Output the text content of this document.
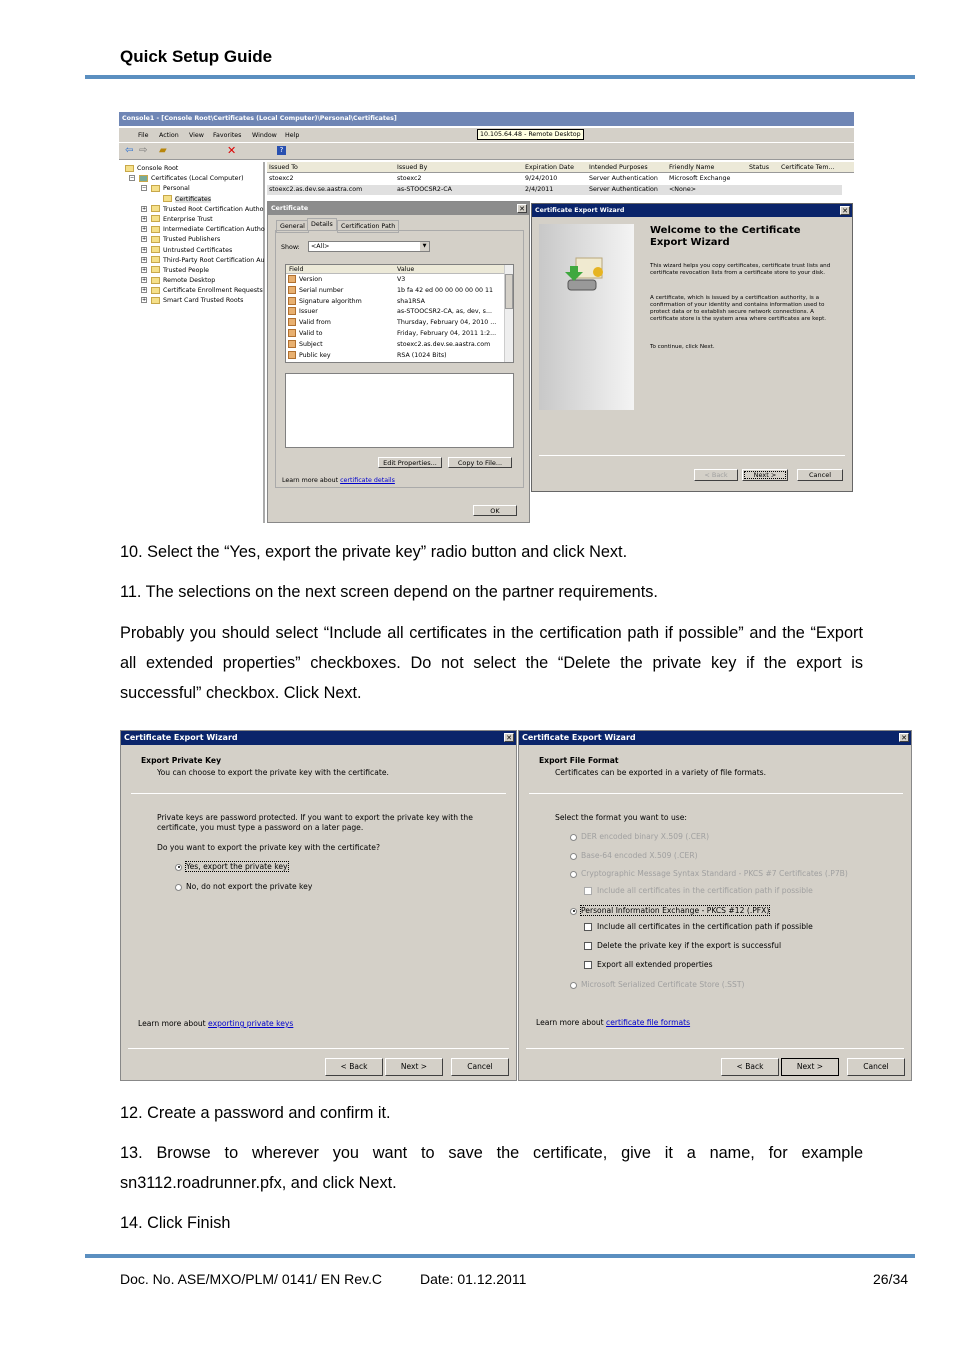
Quick Setup Guide
Console1 - [Console Root\Certificates (Local Computer)\Personal\Certificates]
File Action View Favorites Window Help	10.105.64.48 - Remote Desktop
⇦ ⇨ ▰	✕	?
Console Root
−	Certificates (Local Computer)
−	Personal
Certificates
+	Trusted Root Certification Autho
+	Enterprise Trust
+	Intermediate Certification Autho
+	Trusted Publishers
+	Untrusted Certificates
+	Third-Party Root Certification Au
+	Trusted People
+	Remote Desktop
+	Certificate Enrollment Requests
+	Smart Card Trusted Roots
Issued To	Issued By	Expiration Date Intended Purposes	Friendly Name	Status Certificate Tem...
stoexc2	stoexc2	9/24/2010	Server Authentication Microsoft Exchange
stoexc2.as.dev.se.aastra.com	as-STOOCSR2-CA	2/4/2011	Server Authentication <None>
Certificate	✕
General Details	Certification Path
Show: <All>	▼
Field	Value
Version	V3
Serial number	1b fa 42 ed 00 00 00 00 00 11
Signature algorithm	sha1RSA
Issuer	as-STOOCSR2-CA, as, dev, s...
Valid from	Thursday, February 04, 2010 ...
Valid to	Friday, February 04, 2011 1:2...
Subject	stoexc2.as.dev.se.aastra.com
Public key	RSA (1024 Bits)
Edit Properties...	Copy to File...
Learn more about certificate details
OK
Certificate Export Wizard	✕
Welcome to the Certificate Export Wizard
This wizard helps you copy certificates, certificate trust lists and certificate revocation lists from a certificate store to your disk.
A certificate, which is issued by a certification authority, is a confirmation of your identity and contains information used to protect data or to establish secure network connections. A certificate store is the system area where certificates are kept.
To continue, click Next.
< Back	Next >	Cancel
10. Select the “Yes, export the private key” radio button and click Next.
11. The selections on the next screen depend on the partner requirements.
Probably you should select “Include all certificates in the certification path if possible” and the “Export all extended properties” checkboxes. Do not select the “Delete the private key if the export is successful” checkbox. Click Next.
Certificate Export Wizard	✕
Export Private Key
You can choose to export the private key with the certificate.
Private keys are password protected. If you want to export the private key with the certificate, you must type a password on a later page.
Do you want to export the private key with the certificate?
Yes, export the private key
No, do not export the private key
Learn more about exporting private keys
< Back	Next >	Cancel
Certificate Export Wizard	✕
Export File Format
Certificates can be exported in a variety of file formats.
Select the format you want to use:
DER encoded binary X.509 (.CER)
Base-64 encoded X.509 (.CER)
Cryptographic Message Syntax Standard - PKCS #7 Certificates (.P7B)
Include all certificates in the certification path if possible
Personal Information Exchange - PKCS #12 (.PFX)
Include all certificates in the certification path if possible
Delete the private key if the export is successful
Export all extended properties
Microsoft Serialized Certificate Store (.SST)
Learn more about certificate file formats
< Back	Next >	Cancel
12. Create a password and confirm it.
13. Browse to wherever you want to save the certificate, give it a name, for example sn3112.roadrunner.pfx, and click Next.
14. Click Finish
Doc. No. ASE/MXO/PLM/ 0141/ EN Rev.C	Date: 01.12.2011	26/34
